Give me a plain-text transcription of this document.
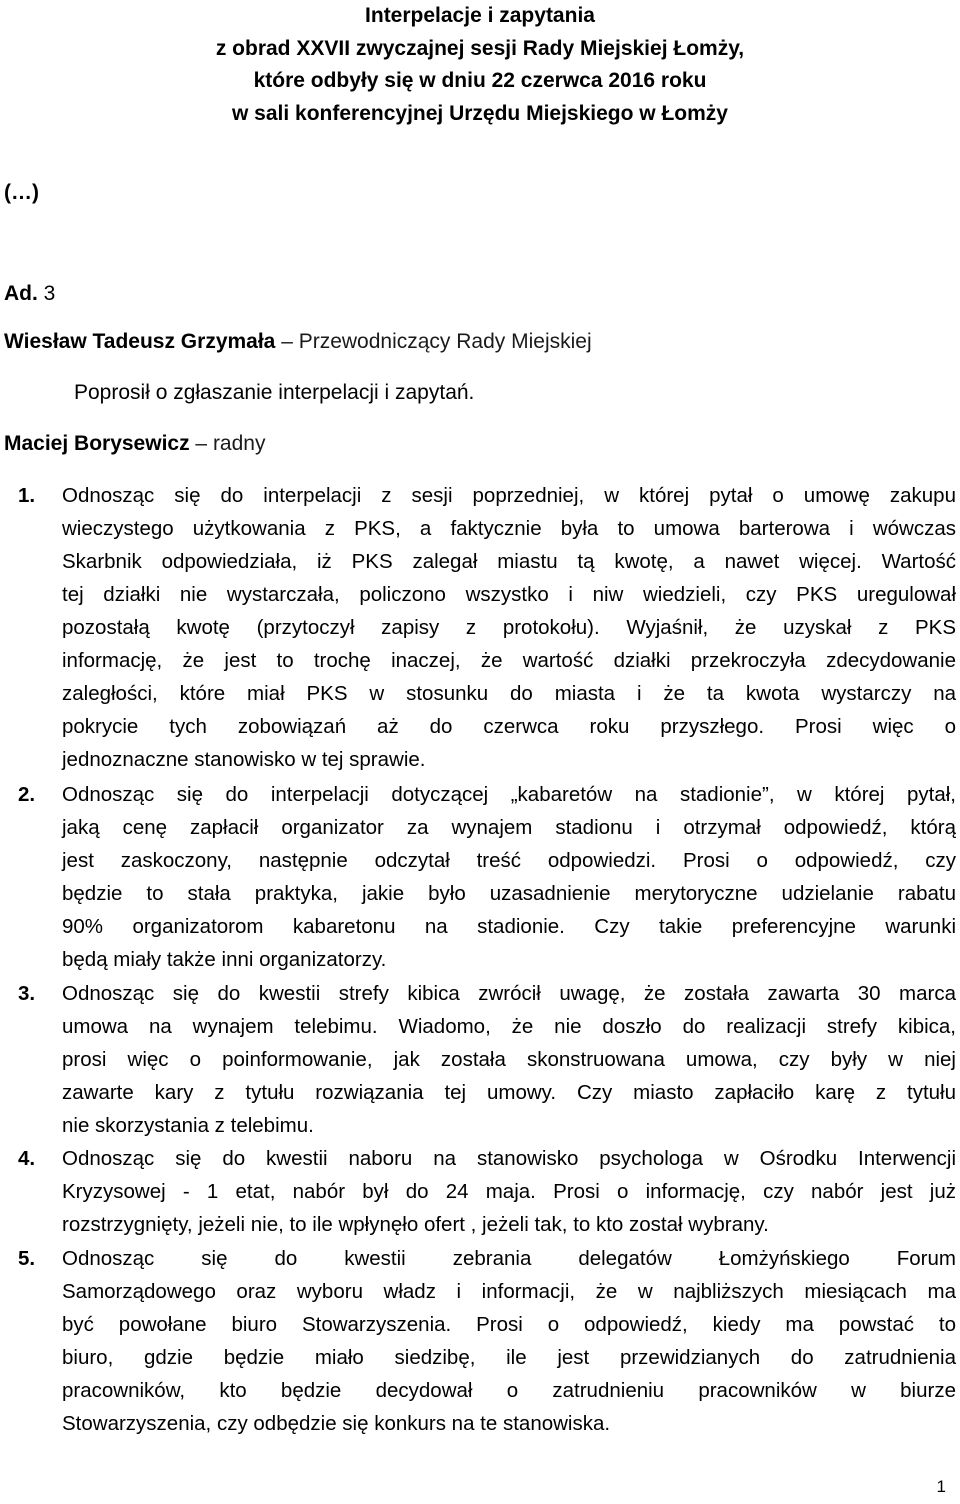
Interpelacje i zapytania
z obrad XXVII zwyczajnej sesji Rady Miejskiej Łomży,
które odbyły się w dniu 22 czerwca 2016 roku
w sali konferencyjnej Urzędu Miejskiego w Łomży
(…)
Ad. 3
Wiesław Tadeusz Grzymała – Przewodniczący Rady Miejskiej
Poprosił o zgłaszanie interpelacji i zapytań.
Maciej Borysewicz – radny
1. Odnosząc się do interpelacji z sesji poprzedniej, w której pytał o umowę zakupu
wieczystego użytkowania z PKS, a faktycznie była to umowa barterowa i wówczas
Skarbnik odpowiedziała, iż PKS zalegał miastu tą kwotę, a nawet więcej. Wartość
tej działki nie wystarczała, policzono wszystko i niw wiedzieli, czy PKS uregulował
pozostałą kwotę (przytoczył zapisy z protokołu). Wyjaśnił, że uzyskał z PKS
informację, że jest to trochę inaczej, że wartość działki przekroczyła zdecydowanie
zaległości, które miał PKS w stosunku do miasta i że ta kwota wystarczy na
pokrycie tych zobowiązań aż do czerwca roku przyszłego. Prosi więc o
jednoznaczne stanowisko w tej sprawie.
2. Odnosząc się do interpelacji dotyczącej „kabaretów na stadionie”, w której pytał,
jaką cenę zapłacił organizator za wynajem stadionu i otrzymał odpowiedź, którą
jest zaskoczony, następnie odczytał treść odpowiedzi. Prosi o odpowiedź, czy
będzie to stała praktyka, jakie było uzasadnienie merytoryczne udzielanie rabatu
90% organizatorom kabaretonu na stadionie. Czy takie preferencyjne warunki
będą miały także inni organizatorzy.
3. Odnosząc się do kwestii strefy kibica zwrócił uwagę, że została zawarta 30 marca
umowa na wynajem telebimu. Wiadomo, że nie doszło do realizacji strefy kibica,
prosi więc o poinformowanie, jak została skonstruowana umowa, czy były w niej
zawarte kary z tytułu rozwiązania tej umowy. Czy miasto zapłaciło karę z tytułu
nie skorzystania z telebimu.
4. Odnosząc się do kwestii naboru na stanowisko psychologa w Ośrodku Interwencji
Kryzysowej - 1 etat, nabór był do 24 maja. Prosi o informację, czy nabór jest już
rozstrzygnięty, jeżeli nie, to ile wpłynęło ofert , jeżeli tak, to kto został wybrany.
5. Odnosząc się do kwestii zebrania delegatów Łomżyńskiego Forum
Samorządowego oraz wyboru władz i informacji, że w najbliższych miesiącach ma
być powołane biuro Stowarzyszenia. Prosi o odpowiedź, kiedy ma powstać to
biuro, gdzie będzie miało siedzibę, ile jest przewidzianych do zatrudnienia
pracowników, kto będzie decydował o zatrudnieniu pracowników w biurze
Stowarzyszenia, czy odbędzie się konkurs na te stanowiska.
1
